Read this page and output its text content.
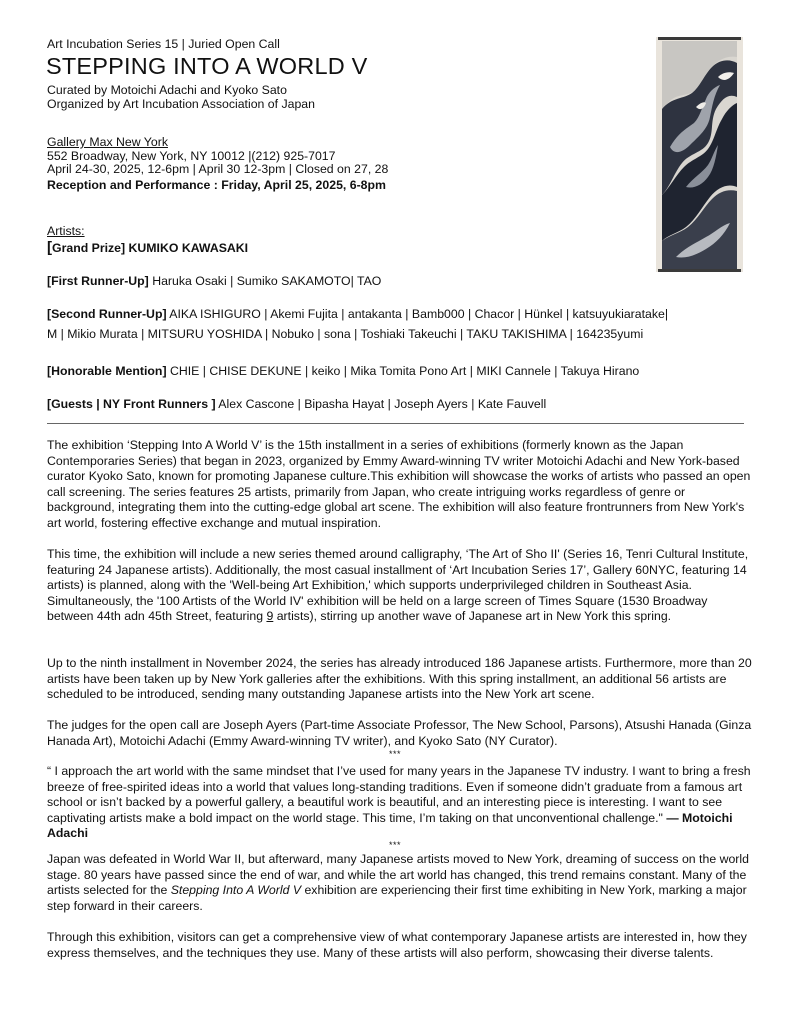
Art Incubation Series 15 | Juried Open Call
STEPPING INTO A WORLD V
Curated by Motoichi Adachi and Kyoko Sato
Organized by Art Incubation Association of Japan
Gallery Max New York
552 Broadway, New York, NY 10012 |(212) 925-7017
April 24-30, 2025, 12-6pm | April 30 12-3pm | Closed on 27, 28
Reception and Performance : Friday, April 25, 2025, 6-8pm
Artists:
[Grand Prize] KUMIKO KAWASAKI
[First Runner-Up] Haruka Osaki | Sumiko SAKAMOTO| TAO
[Second Runner-Up] AIKA ISHIGURO | Akemi Fujita | antakanta | Bamb000 | Chacor | Hünkel | katsuyukiaratake|
M | Mikio Murata | MITSURU YOSHIDA | Nobuko | sona | Toshiaki Takeuchi | TAKU TAKISHIMA | 164235yumi
[Honorable Mention] CHIE | CHISE DEKUNE | keiko | Mika Tomita Pono Art | MIKI Cannele | Takuya Hirano
[Guests | NY Front Runners ] Alex Cascone | Bipasha Hayat | Joseph Ayers | Kate Fauvell
The exhibition ‘Stepping Into A World V’ is the 15th installment in a series of exhibitions (formerly known as the Japan Contemporaries Series) that began in 2023, organized by Emmy Award-winning TV writer Motoichi Adachi and New York-based curator Kyoko Sato, known for promoting Japanese culture.This exhibition will showcase the works of artists who passed an open call screening. The series features 25 artists, primarily from Japan, who create intriguing works regardless of genre or background, integrating them into the cutting-edge global art scene. The exhibition will also feature frontrunners from New York's art world, fostering effective exchange and mutual inspiration.
This time, the exhibition will include a new series themed around calligraphy, ‘The Art of Sho II' (Series 16, Tenri Cultural Institute, featuring 24 Japanese artists). Additionally, the most casual installment of ‘Art Incubation Series 17’, Gallery 60NYC, featuring 14 artists) is planned, along with the 'Well-being Art Exhibition,' which supports underprivileged children in Southeast Asia. Simultaneously, the '100 Artists of the World IV' exhibition will be held on a large screen of Times Square (1530 Broadway between 44th adn 45th Street, featuring 9 artists), stirring up another wave of Japanese art in New York this spring.
Up to the ninth installment in November 2024, the series has already introduced 186 Japanese artists. Furthermore, more than 20 artists have been taken up by New York galleries after the exhibitions. With this spring installment, an additional 56 artists are scheduled to be introduced, sending many outstanding Japanese artists into the New York art scene.
The judges for the open call are Joseph Ayers (Part-time Associate Professor, The New School, Parsons), Atsushi Hanada (Ginza Hanada Art), Motoichi Adachi (Emmy Award-winning TV writer), and Kyoko Sato (NY Curator).
***
“ I approach the art world with the same mindset that I’ve used for many years in the Japanese TV industry. I want to bring a fresh breeze of free-spirited ideas into a world that values long-standing traditions. Even if someone didn’t graduate from a famous art school or isn’t backed by a powerful gallery, a beautiful work is beautiful, and an interesting piece is interesting. I want to see captivating artists make a bold impact on the world stage. This time, I’m taking on that unconventional challenge." — Motoichi Adachi
***
Japan was defeated in World War II, but afterward, many Japanese artists moved to New York, dreaming of success on the world stage. 80 years have passed since the end of war, and while the art world has changed, this trend remains constant. Many of the artists selected for the Stepping Into A World V exhibition are experiencing their first time exhibiting in New York, marking a major step forward in their careers.
Through this exhibition, visitors can get a comprehensive view of what contemporary Japanese artists are interested in, how they express themselves, and the techniques they use. Many of these artists will also perform, showcasing their diverse talents.
